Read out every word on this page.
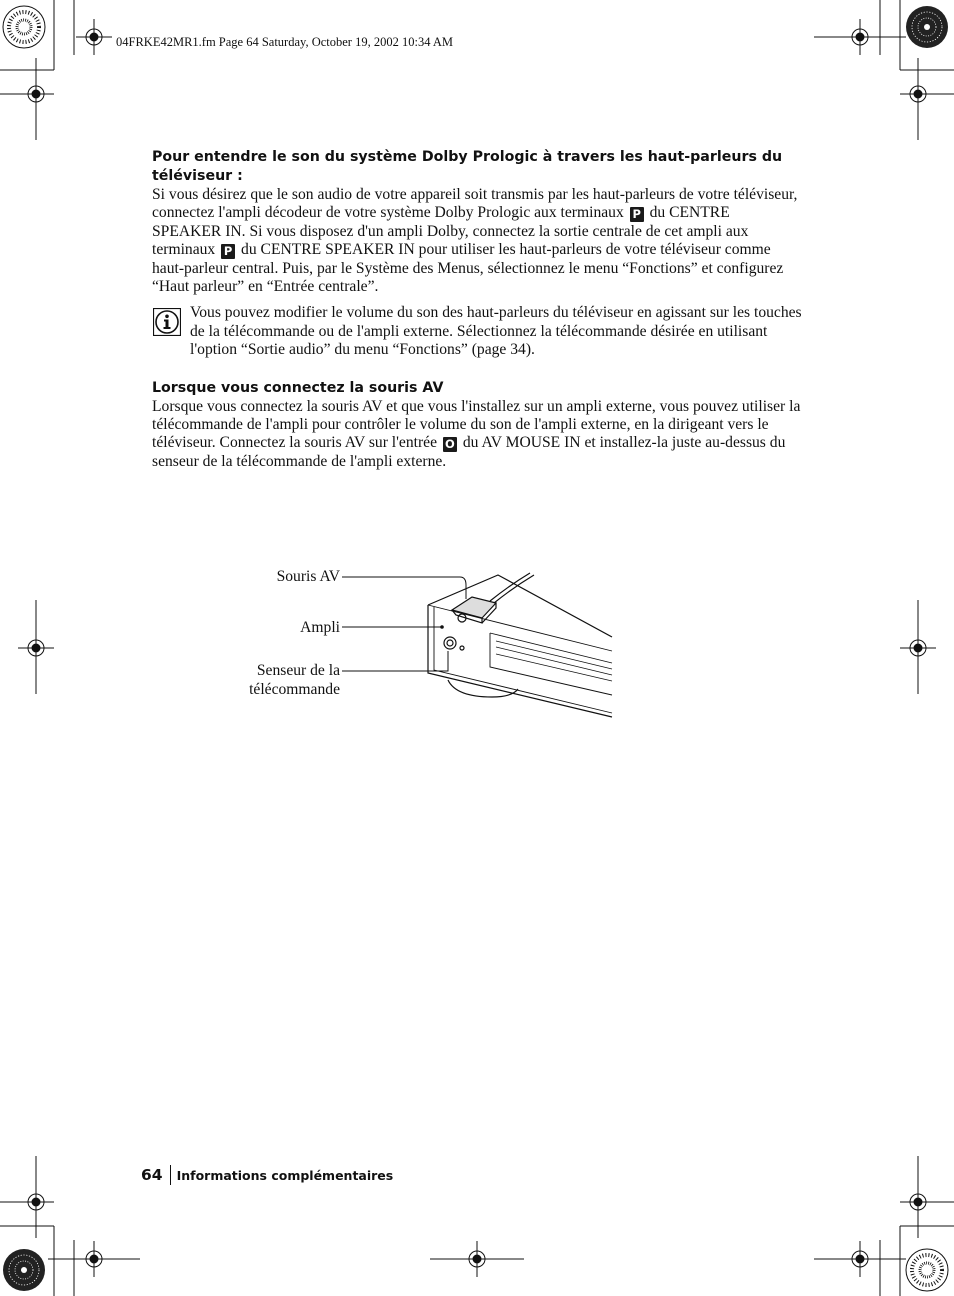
04FRKE42MR1.fm Page 64 Saturday, October 19, 2002 10:34 AM
Pour entendre le son du système Dolby Prologic à travers les haut-parleurs du téléviseur :

Si vous désirez que le son audio de votre appareil soit transmis par les haut-parleurs de votre téléviseur, connectez l'ampli décodeur de votre système Dolby Prologic aux terminaux P du CENTRE SPEAKER IN. Si vous disposez d'un ampli Dolby, connectez la sortie centrale de cet ampli aux terminaux P du CENTRE SPEAKER IN pour utiliser les haut-parleurs de votre téléviseur comme haut-parleur central. Puis, par le Système des Menus, sélectionnez le menu “Fonctions” et configurez “Haut parleur” en “Entrée centrale”.

Vous pouvez modifier le volume du son des haut-parleurs du téléviseur en agissant sur les touches de la télécommande ou de l'ampli externe. Sélectionnez la télécommande désirée en utilisant l'option “Sortie audio” du menu “Fonctions” (page 34).

Lorsque vous connectez la souris AV

Lorsque vous connectez la souris AV et que vous l'installez sur un ampli externe, vous pouvez utiliser la télécommande de l'ampli pour contrôler le volume du son de l'ampli externe, en la dirigeant vers le téléviseur. Connectez la souris AV sur l'entrée O du AV MOUSE IN et installez-la juste au-dessus du senseur de la télécommande de l'ampli externe.

Souris AV
Ampli
Senseur de la
télécommande
64 Informations complémentaires
